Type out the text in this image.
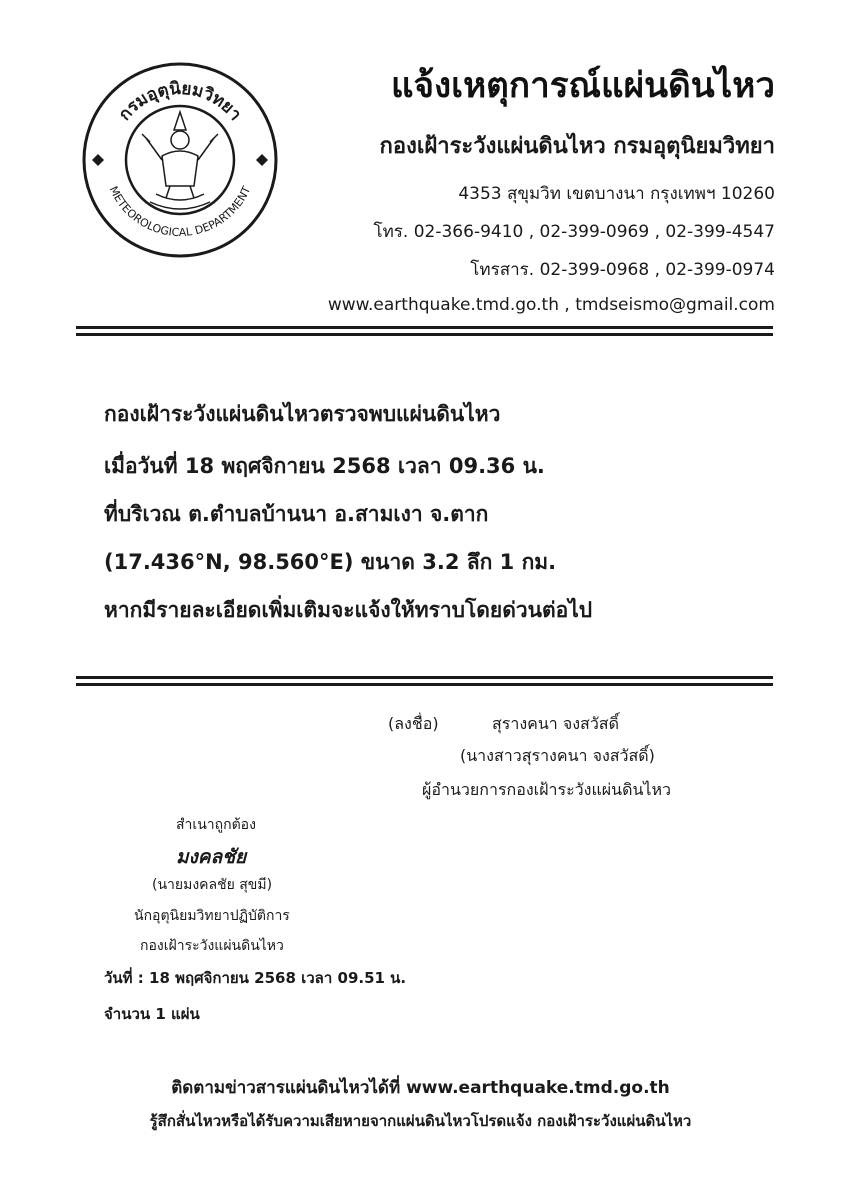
กรมอุตุนิยมวิทยา
METEOROLOGICAL DEPARTMENT
แจ้งเหตุการณ์แผ่นดินไหว
กองเฝ้าระวังแผ่นดินไหว กรมอุตุนิยมวิทยา
4353 สุขุมวิท เขตบางนา กรุงเทพฯ 10260
โทร. 02-366-9410 , 02-399-0969 , 02-399-4547
โทรสาร. 02-399-0968 , 02-399-0974
www.earthquake.tmd.go.th , tmdseismo@gmail.com
กองเฝ้าระวังแผ่นดินไหวตรวจพบแผ่นดินไหว
เมื่อวันที่ 18 พฤศจิกายน 2568 เวลา 09.36 น.
ที่บริเวณ ต.ตำบลบ้านนา อ.สามเงา จ.ตาก
(17.436°N, 98.560°E) ขนาด 3.2 ลึก 1 กม.
หากมีรายละเอียดเพิ่มเติมจะแจ้งให้ทราบโดยด่วนต่อไป
(ลงชื่อ)	สุรางคนา จงสวัสดิ์
(นางสาวสุรางคนา จงสวัสดิ์)
ผู้อำนวยการกองเฝ้าระวังแผ่นดินไหว
สำเนาถูกต้อง
มงคลชัย
(นายมงคลชัย สุขมี)
นักอุตุนิยมวิทยาปฏิบัติการ
กองเฝ้าระวังแผ่นดินไหว
วันที่ : 18 พฤศจิกายน 2568 เวลา 09.51 น.
จำนวน 1 แผ่น
ติดตามข่าวสารแผ่นดินไหวได้ที่ www.earthquake.tmd.go.th
รู้สึกสั่นไหวหรือได้รับความเสียหายจากแผ่นดินไหวโปรดแจ้ง กองเฝ้าระวังแผ่นดินไหว
